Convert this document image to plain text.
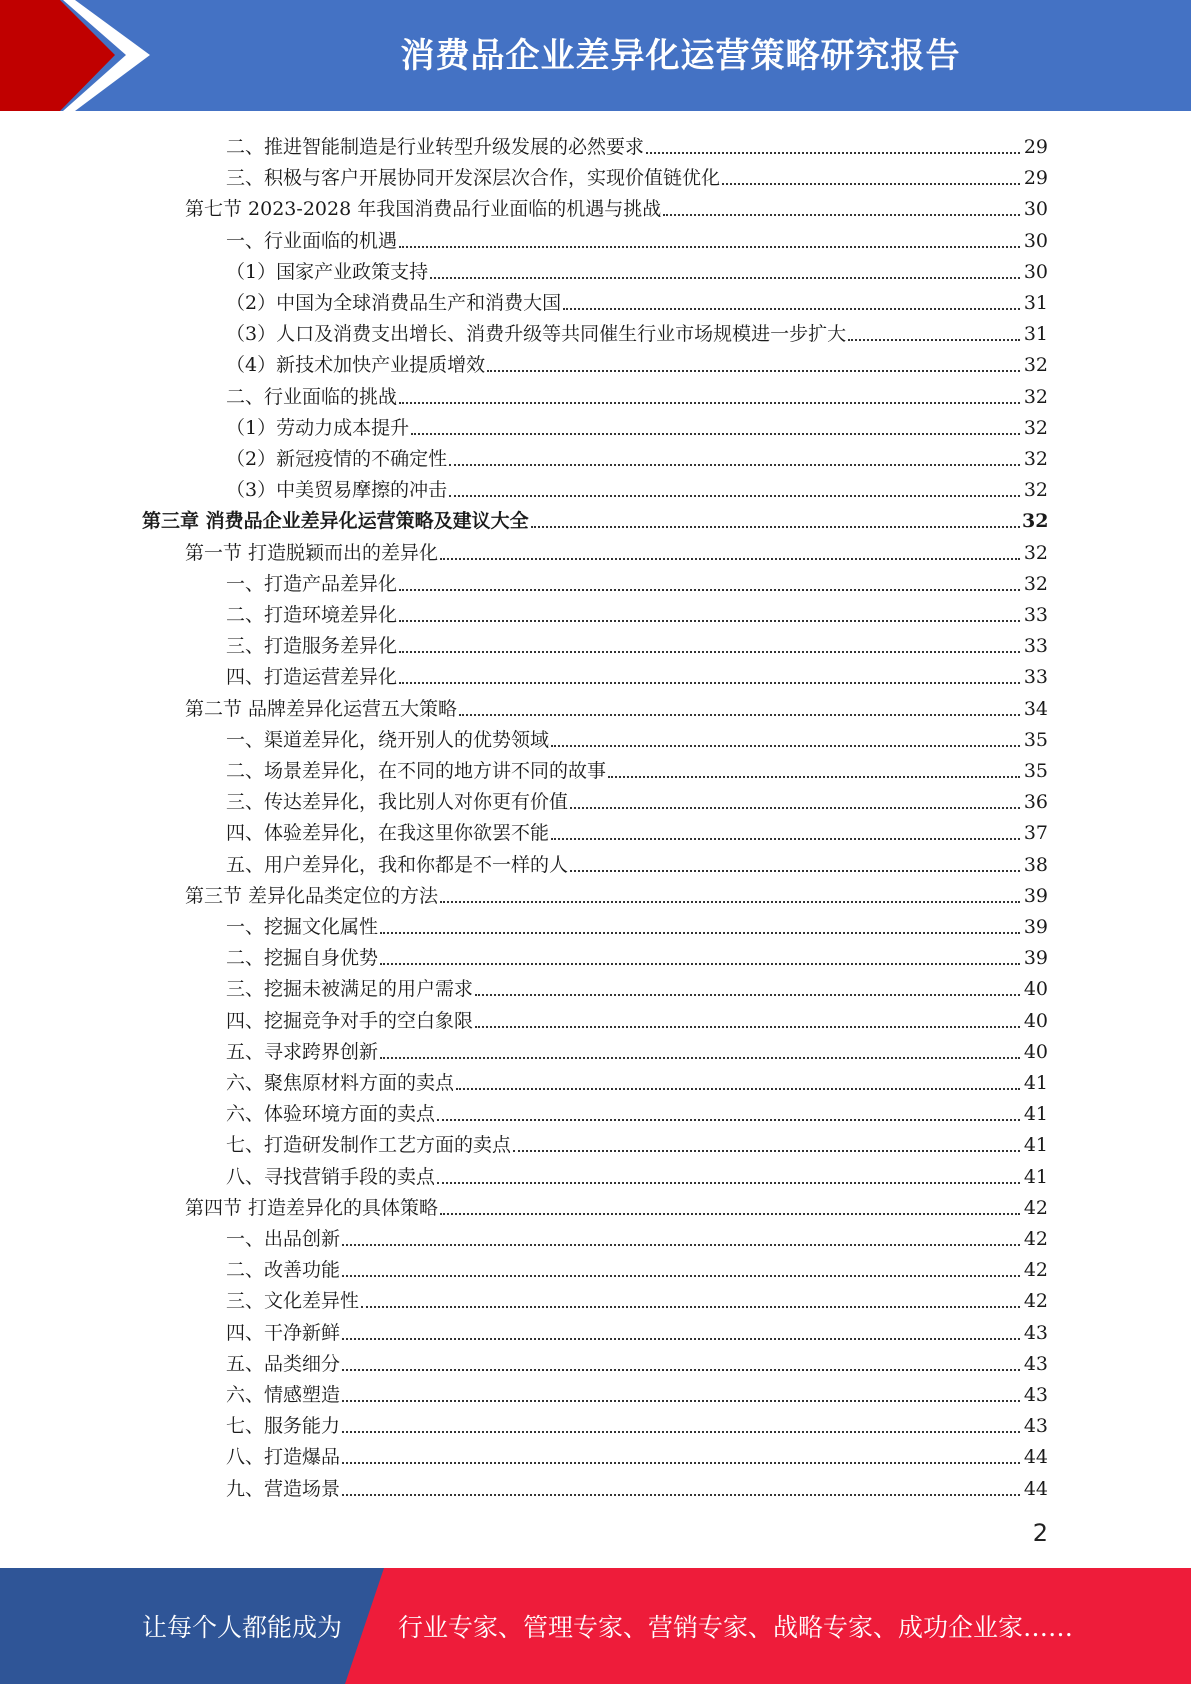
消费品企业差异化运营策略研究报告
二、推进智能制造是行业转型升级发展的必然要求	29
三、积极与客户开展协同开发深层次合作，实现价值链优化	29
第七节 2023-2028 年我国消费品行业面临的机遇与挑战	30
一、行业面临的机遇	30
（1）国家产业政策支持	30
（2）中国为全球消费品生产和消费大国	31
（3）人口及消费支出增长、消费升级等共同催生行业市场规模进一步扩大	31
（4）新技术加快产业提质增效	32
二、行业面临的挑战	32
（1）劳动力成本提升	32
（2）新冠疫情的不确定性	32
（3）中美贸易摩擦的冲击	32
第三章 消费品企业差异化运营策略及建议大全	32
第一节 打造脱颖而出的差异化	32
一、打造产品差异化	32
二、打造环境差异化	33
三、打造服务差异化	33
四、打造运营差异化	33
第二节 品牌差异化运营五大策略	34
一、渠道差异化，绕开别人的优势领域	35
二、场景差异化，在不同的地方讲不同的故事	35
三、传达差异化，我比别人对你更有价值	36
四、体验差异化，在我这里你欲罢不能	37
五、用户差异化，我和你都是不一样的人	38
第三节 差异化品类定位的方法	39
一、挖掘文化属性	39
二、挖掘自身优势	39
三、挖掘未被满足的用户需求	40
四、挖掘竞争对手的空白象限	40
五、寻求跨界创新	40
六、聚焦原材料方面的卖点	41
六、体验环境方面的卖点	41
七、打造研发制作工艺方面的卖点	41
八、寻找营销手段的卖点	41
第四节 打造差异化的具体策略	42
一、出品创新	42
二、改善功能	42
三、文化差异性	42
四、干净新鲜	43
五、品类细分	43
六、情感塑造	43
七、服务能力	43
八、打造爆品	44
九、营造场景	44
2
让每个人都能成为 行业专家、管理专家、营销专家、战略专家、成功企业家……
